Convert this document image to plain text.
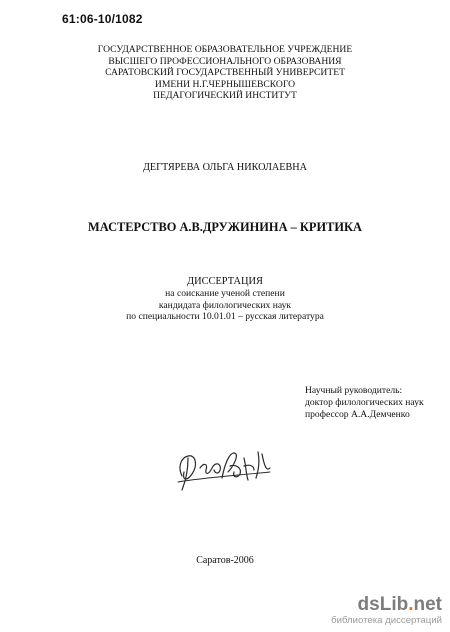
61:06-10/1082
ГОСУДАРСТВЕННОЕ ОБРАЗОВАТЕЛЬНОЕ УЧРЕЖДЕНИЕ
ВЫСШЕГО ПРОФЕССИОНАЛЬНОГО ОБРАЗОВАНИЯ
САРАТОВСКИЙ ГОСУДАРСТВЕННЫЙ УНИВЕРСИТЕТ
ИМЕНИ Н.Г.ЧЕРНЫШЕВСКОГО
ПЕДАГОГИЧЕСКИЙ ИНСТИТУТ
ДЕГТЯРЕВА ОЛЬГА НИКОЛАЕВНА
МАСТЕРСТВО А.В.ДРУЖИНИНА – КРИТИКА
ДИССЕРТАЦИЯ
на соискание ученой степени
кандидата филологических наук
по специальности 10.01.01 – русская литература
Научный руководитель:
доктор филологических наук
профессор А.А.Демченко
Саратов-2006
dsLib.net
библиотека диссертаций
